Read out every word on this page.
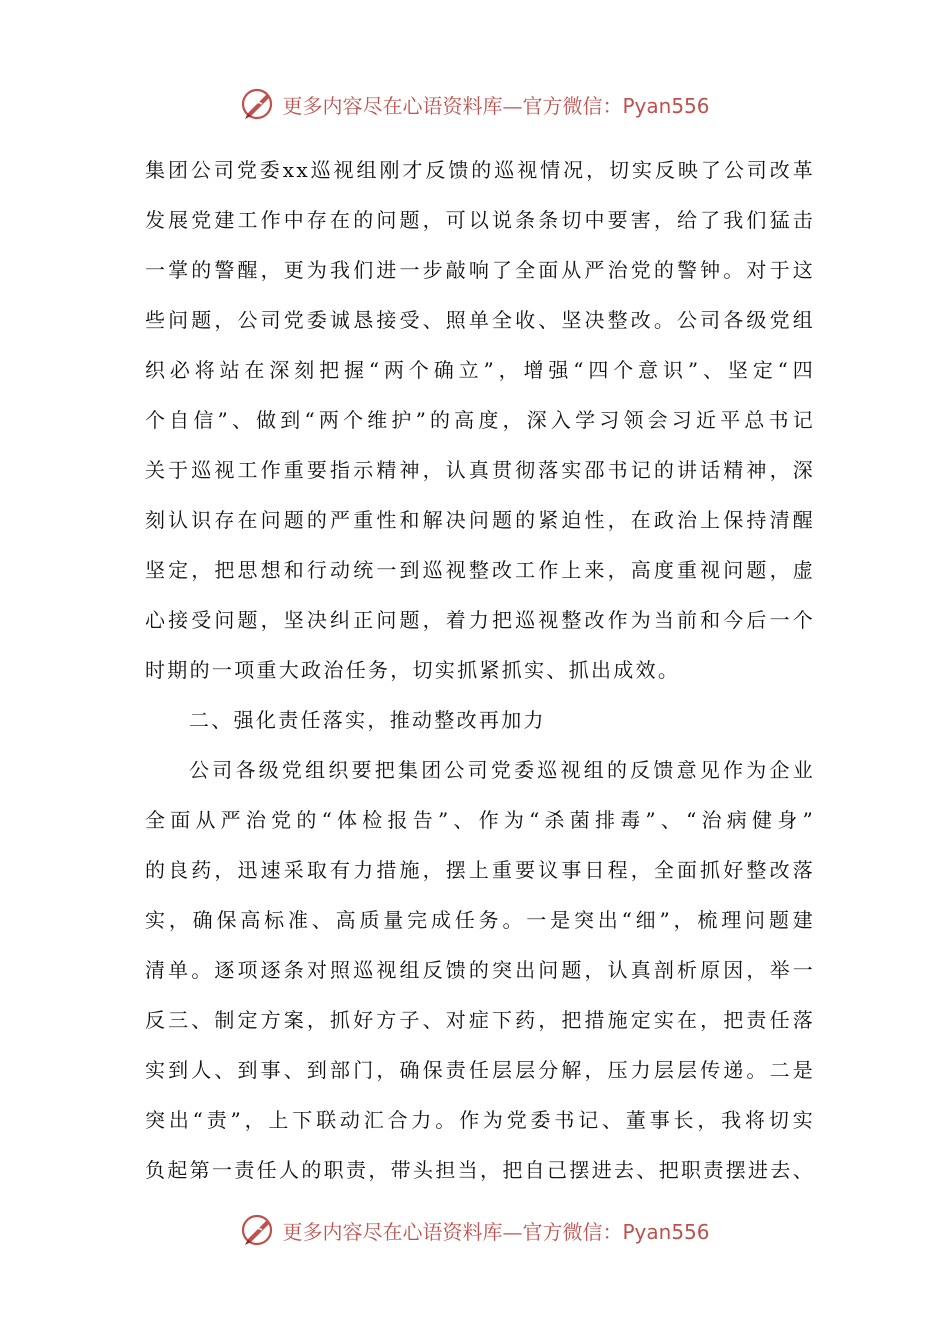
更多内容尽在心语资料库—官方微信：Pyan556
集团公司党委xx巡视组刚才反馈的巡视情况，切实反映了公司改革
发展党建工作中存在的问题，可以说条条切中要害，给了我们猛击
一掌的警醒，更为我们进一步敲响了全面从严治党的警钟。对于这
些问题，公司党委诚恳接受、照单全收、坚决整改。公司各级党组
织必将站在深刻把握“两个确立”，增强“四个意识”、坚定“四
个自信”、做到“两个维护”的高度，深入学习领会习近平总书记
关于巡视工作重要指示精神，认真贯彻落实邵书记的讲话精神，深
刻认识存在问题的严重性和解决问题的紧迫性，在政治上保持清醒
坚定，把思想和行动统一到巡视整改工作上来，高度重视问题，虚
心接受问题，坚决纠正问题，着力把巡视整改作为当前和今后一个
时期的一项重大政治任务，切实抓紧抓实、抓出成效。
二、强化责任落实，推动整改再加力
公司各级党组织要把集团公司党委巡视组的反馈意见作为企业
全面从严治党的“体检报告”、作为“杀菌排毒”、“治病健身”
的良药，迅速采取有力措施，摆上重要议事日程，全面抓好整改落
实，确保高标准、高质量完成任务。一是突出“细”，梳理问题建
清单。逐项逐条对照巡视组反馈的突出问题，认真剖析原因，举一
反三、制定方案，抓好方子、对症下药，把措施定实在，把责任落
实到人、到事、到部门，确保责任层层分解，压力层层传递。二是
突出“责”，上下联动汇合力。作为党委书记、董事长，我将切实
负起第一责任人的职责，带头担当，把自己摆进去、把职责摆进去、
更多内容尽在心语资料库—官方微信：Pyan556
